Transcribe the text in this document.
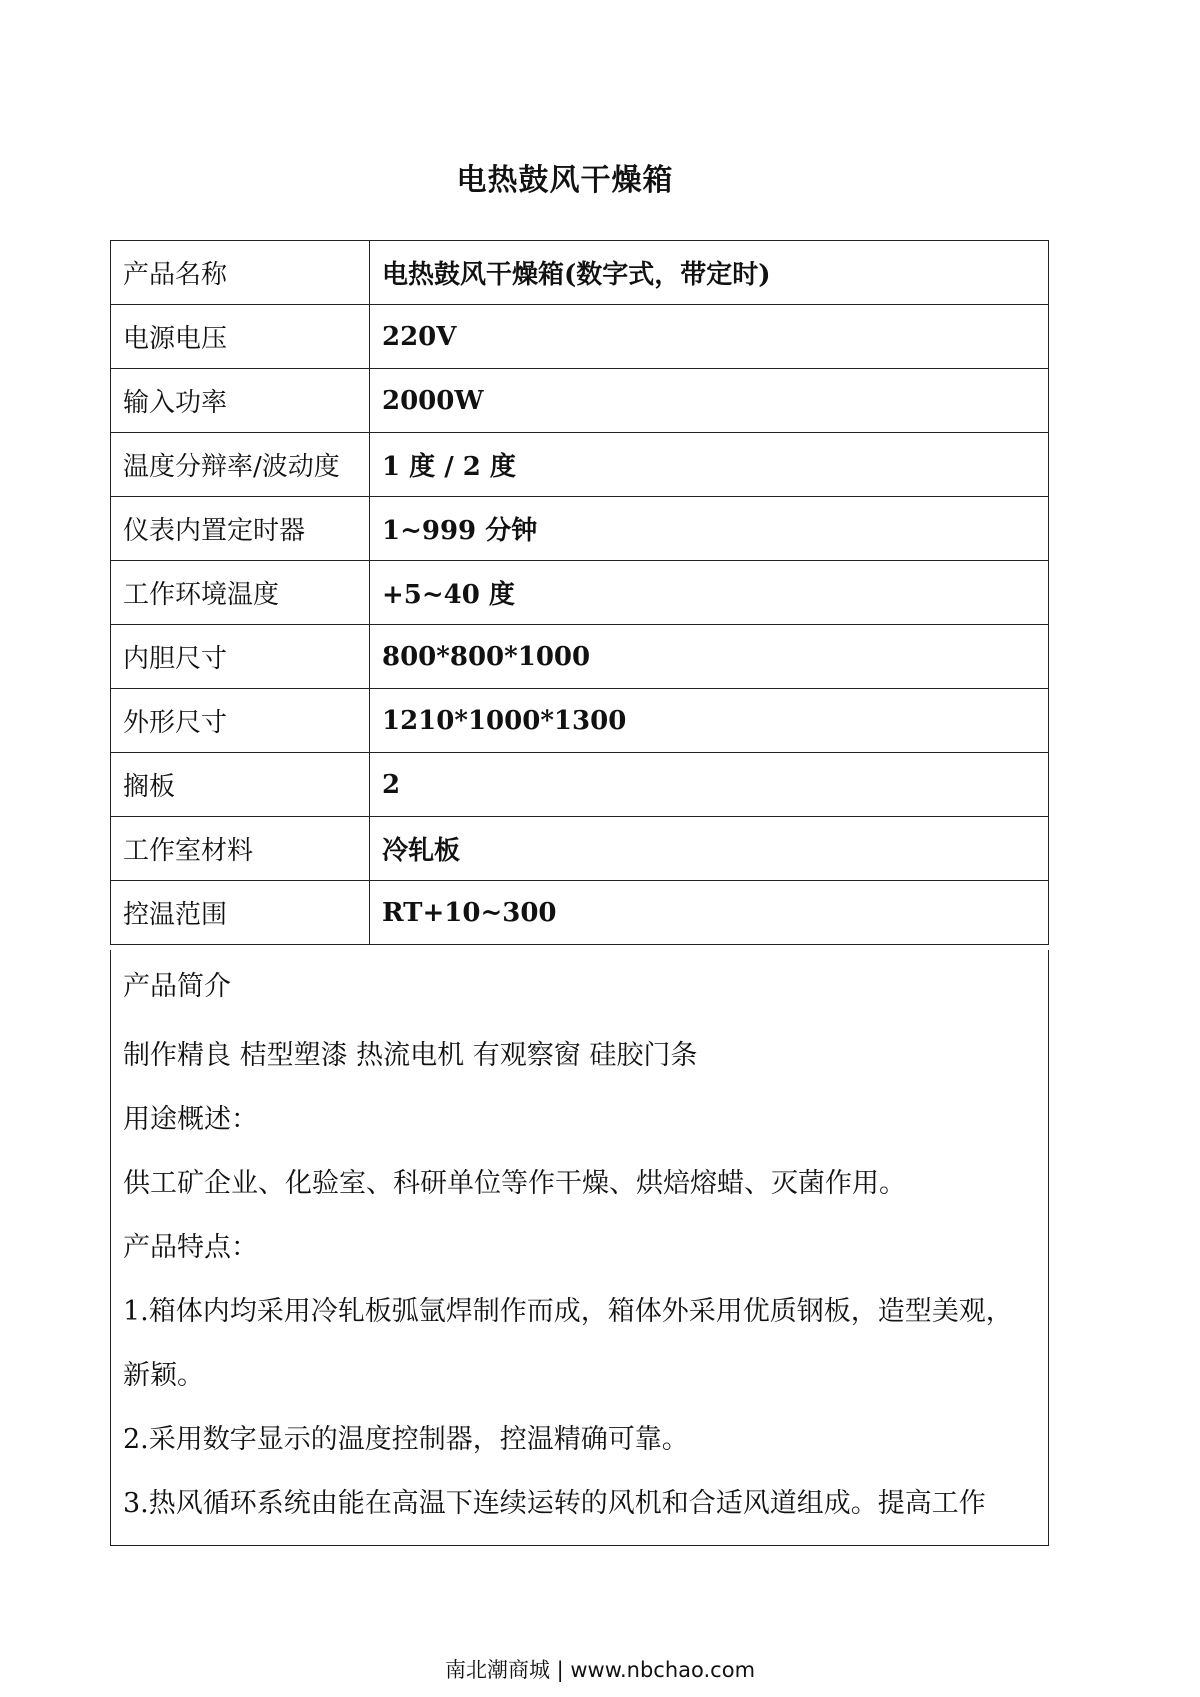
电热鼓风干燥箱
产品名称	电热鼓风干燥箱(数字式，带定时)
电源电压	220V
输入功率	2000W
温度分辩率/波动度	1 度 / 2 度
仪表内置定时器	1~999 分钟
工作环境温度	+5~40 度
内胆尺寸	800*800*1000
外形尺寸	1210*1000*1300
搁板	2
工作室材料	冷轧板
控温范围	RT+10~300
产品简介
制作精良 桔型塑漆 热流电机 有观察窗 硅胶门条
用途概述：
供工矿企业、化验室、科研单位等作干燥、烘焙熔蜡、灭菌作用。
产品特点：
1.箱体内均采用冷轧板弧氩焊制作而成，箱体外采用优质钢板，造型美观，
新颖。
2.采用数字显示的温度控制器，控温精确可靠。
3.热风循环系统由能在高温下连续运转的风机和合适风道组成。提高工作
南北潮商城 | www.nbchao.com
